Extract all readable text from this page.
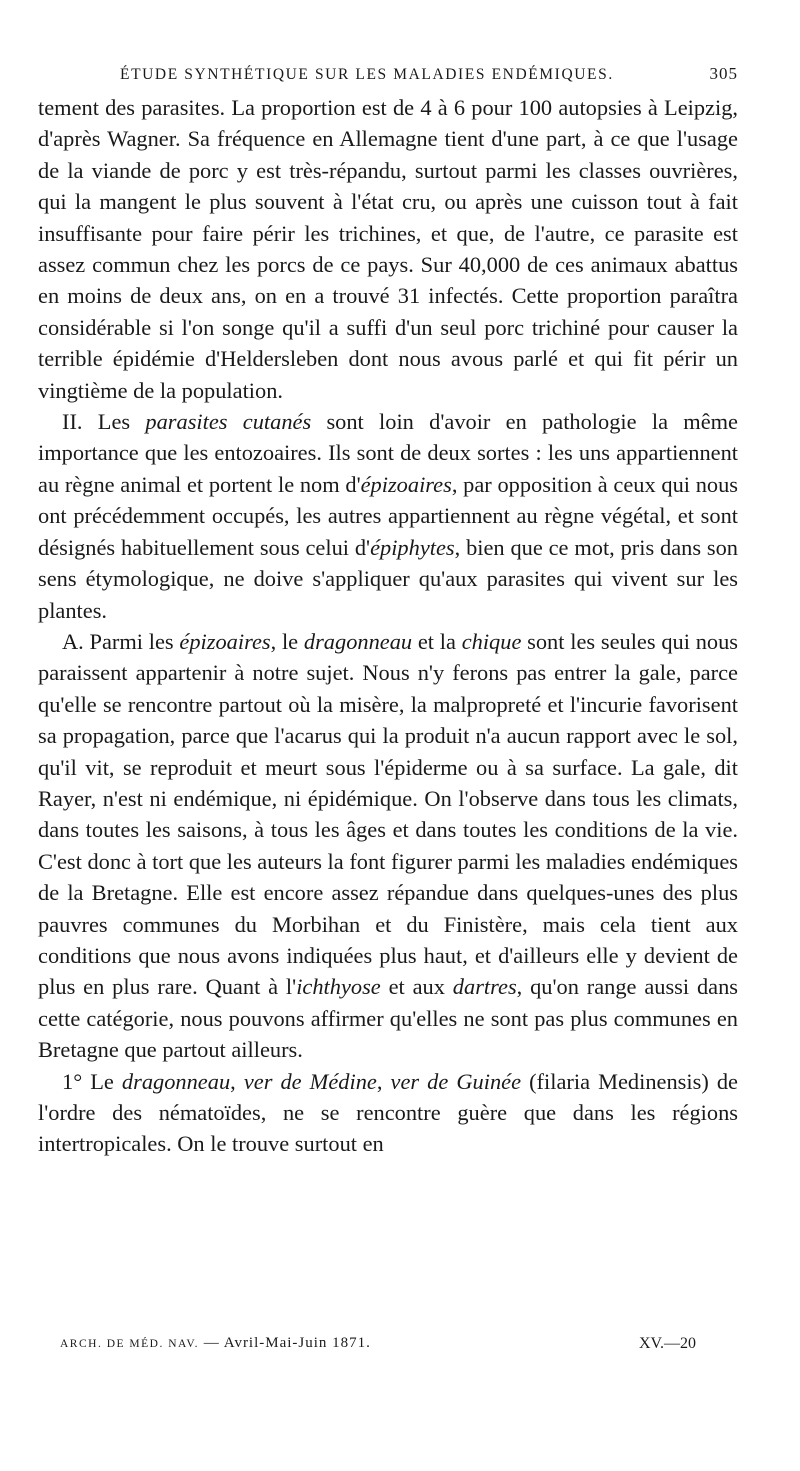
ÉTUDE SYNTHÉTIQUE SUR LES MALADIES ENDÉMIQUES.	305

tement des parasites. La proportion est de 4 à 6 pour 100 autopsies à Leipzig, d'après Wagner. Sa fréquence en Allemagne tient d'une part, à ce que l'usage de la viande de porc y est très-répandu, surtout parmi les classes ouvrières, qui la mangent le plus souvent à l'état cru, ou après une cuisson tout à fait insuffisante pour faire périr les trichines, et que, de l'autre, ce parasite est assez commun chez les porcs de ce pays. Sur 40,000 de ces animaux abattus en moins de deux ans, on en a trouvé 31 infectés. Cette proportion paraîtra considérable si l'on songe qu'il a suffi d'un seul porc trichiné pour causer la terrible épidémie d'Heldersleben dont nous avous parlé et qui fit périr un vingtième de la population.

II. Les parasites cutanés sont loin d'avoir en pathologie la même importance que les entozoaires. Ils sont de deux sortes : les uns appartiennent au règne animal et portent le nom d'épizoaires, par opposition à ceux qui nous ont précédemment occupés, les autres appartiennent au règne végétal, et sont désignés habituellement sous celui d'épiphytes, bien que ce mot, pris dans son sens étymologique, ne doive s'appliquer qu'aux parasites qui vivent sur les plantes.

A. Parmi les épizoaires, le dragonneau et la chique sont les seules qui nous paraissent appartenir à notre sujet. Nous n'y ferons pas entrer la gale, parce qu'elle se rencontre partout où la misère, la malpropreté et l'incurie favorisent sa propagation, parce que l'acarus qui la produit n'a aucun rapport avec le sol, qu'il vit, se reproduit et meurt sous l'épiderme ou à sa surface. La gale, dit Rayer, n'est ni endémique, ni épidémique. On l'observe dans tous les climats, dans toutes les saisons, à tous les âges et dans toutes les conditions de la vie. C'est donc à tort que les auteurs la font figurer parmi les maladies endémiques de la Bretagne. Elle est encore assez répandue dans quelques-unes des plus pauvres communes du Morbihan et du Finistère, mais cela tient aux conditions que nous avons indiquées plus haut, et d'ailleurs elle y devient de plus en plus rare. Quant à l'ichthyose et aux dartres, qu'on range aussi dans cette catégorie, nous pouvons affirmer qu'elles ne sont pas plus communes en Bretagne que partout ailleurs.

1° Le dragonneau, ver de Médine, ver de Guinée (filaria Medinensis) de l'ordre des nématoïdes, ne se rencontre guère que dans les régions intertropicales. On le trouve surtout en

ARCH. DE MÉD. NAV. — Avril-Mai-Juin 1871.	XV.—20
